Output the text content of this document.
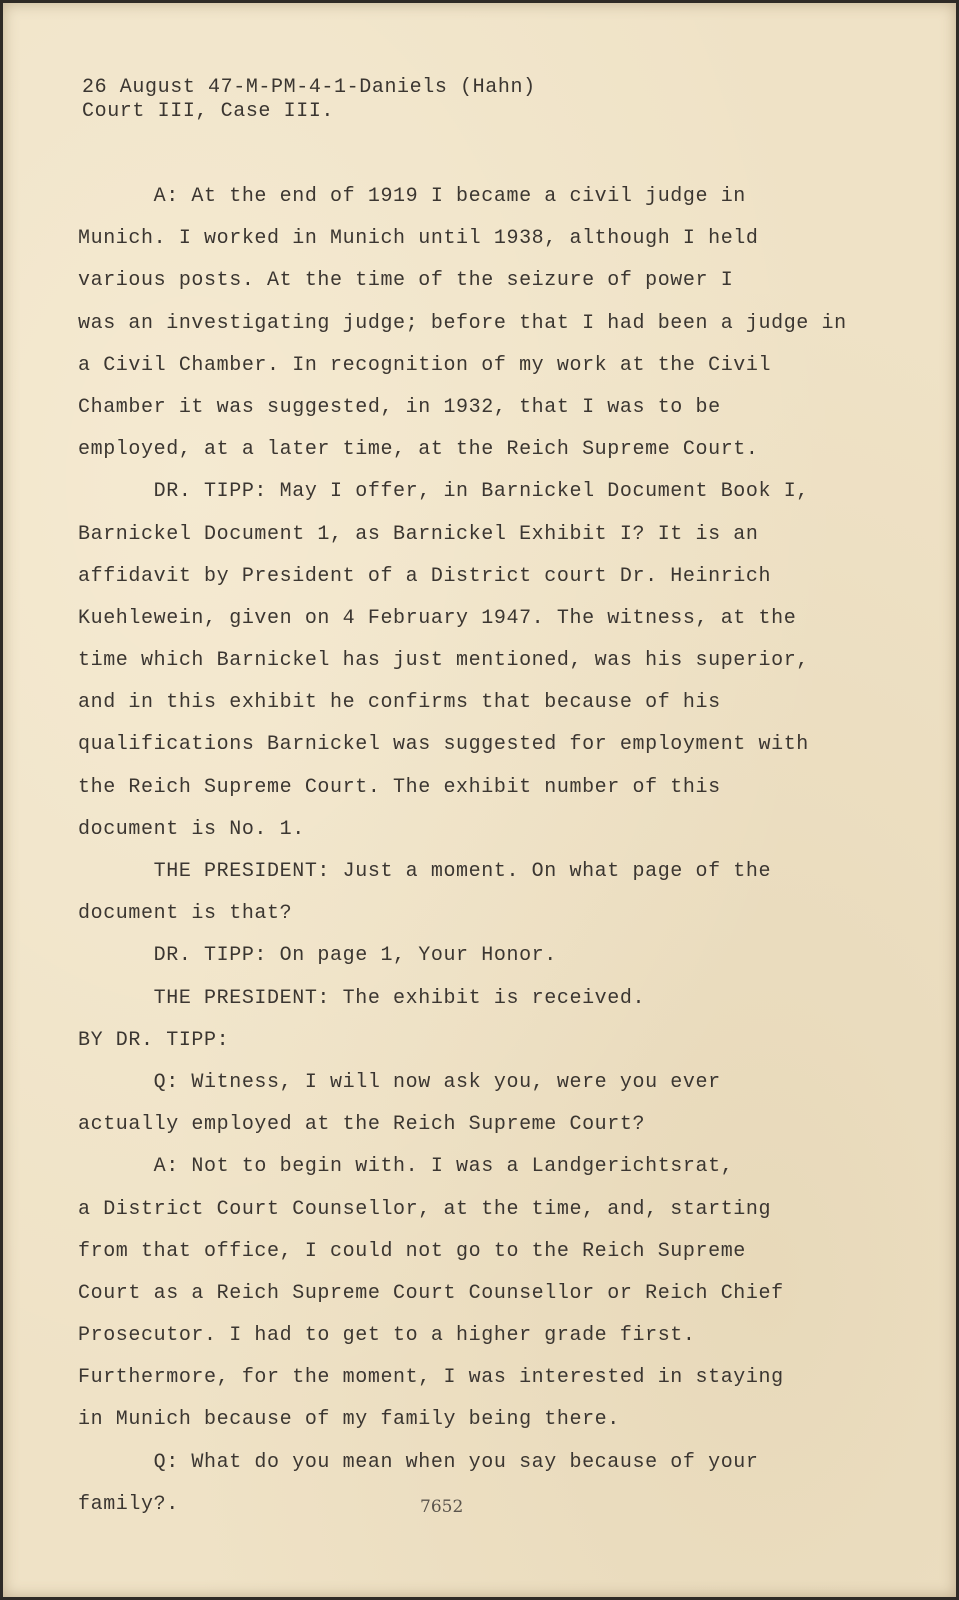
26 August 47-M-PM-4-1-Daniels (Hahn)
Court III, Case III.
A: At the end of 1919 I became a civil judge in
Munich. I worked in Munich until 1938, although I held
various posts. At the time of the seizure of power I
was an investigating judge; before that I had been a judge in
a Civil Chamber. In recognition of my work at the Civil
Chamber it was suggested, in 1932, that I was to be
employed, at a later time, at the Reich Supreme Court.
DR. TIPP: May I offer, in Barnickel Document Book I,
Barnickel Document 1, as Barnickel Exhibit I? It is an
affidavit by President of a District court Dr. Heinrich
Kuehlewein, given on 4 February 1947. The witness, at the
time which Barnickel has just mentioned, was his superior,
and in this exhibit he confirms that because of his
qualifications Barnickel was suggested for employment with
the Reich Supreme Court. The exhibit number of this
document is No. 1.
THE PRESIDENT: Just a moment. On what page of the
document is that?
DR. TIPP: On page 1, Your Honor.
THE PRESIDENT: The exhibit is received.
BY DR. TIPP:
Q: Witness, I will now ask you, were you ever
actually employed at the Reich Supreme Court?
A: Not to begin with. I was a Landgerichtsrat,
a District Court Counsellor, at the time, and, starting
from that office, I could not go to the Reich Supreme
Court as a Reich Supreme Court Counsellor or Reich Chief
Prosecutor. I had to get to a higher grade first.
Furthermore, for the moment, I was interested in staying
in Munich because of my family being there.
Q: What do you mean when you say because of your
family?.	7652
